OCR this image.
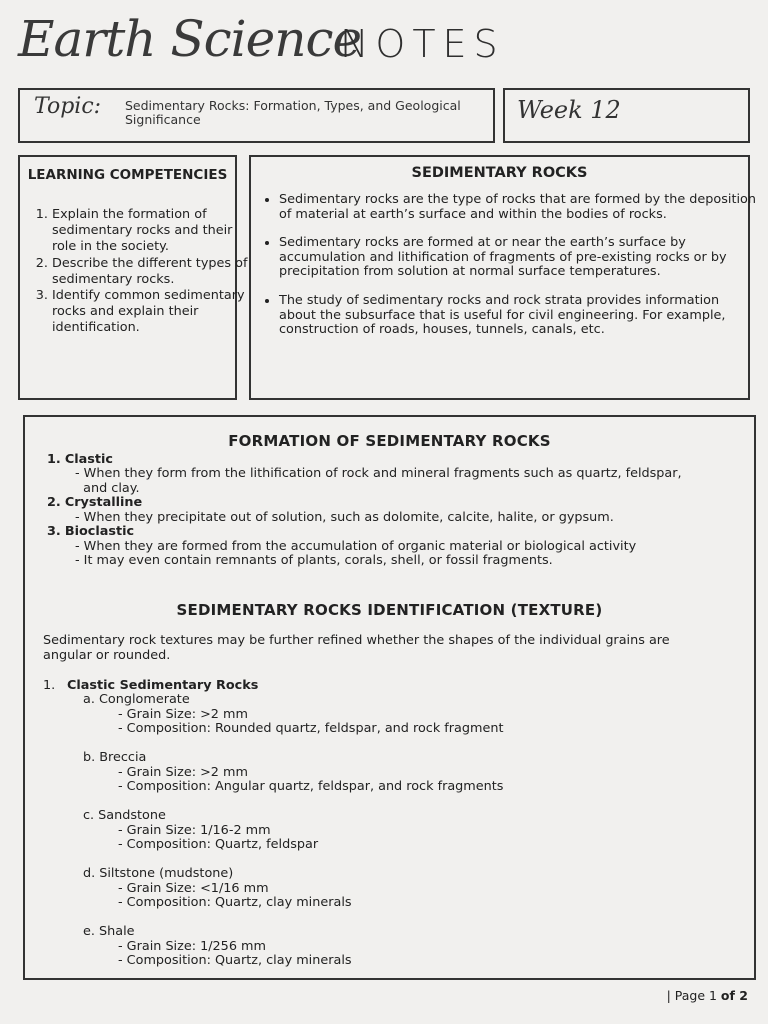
Earth Science
NOTES
Topic: Sedimentary Rocks: Formation, Types, and Geological Significance	Week 12
LEARNING COMPETENCIES
1. Explain the formation of sedimentary rocks and their role in the society.
2. Describe the different types of sedimentary rocks.
3. Identify common sedimentary rocks and explain their identification.
SEDIMENTARY ROCKS
• Sedimentary rocks are the type of rocks that are formed by the deposition of material at earth’s surface and within the bodies of rocks.
• Sedimentary rocks are formed at or near the earth’s surface by accumulation and lithification of fragments of pre-existing rocks or by precipitation from solution at normal surface temperatures.
• The study of sedimentary rocks and rock strata provides information about the subsurface that is useful for civil engineering. For example, construction of roads, houses, tunnels, canals, etc.
FORMATION OF SEDIMENTARY ROCKS
1. Clastic
- When they form from the lithification of rock and mineral fragments such as quartz, feldspar,
and clay.
2. Crystalline
- When they precipitate out of solution, such as dolomite, calcite, halite, or gypsum.
3. Bioclastic
- When they are formed from the accumulation of organic material or biological activity
- It may even contain remnants of plants, corals, shell, or fossil fragments.
SEDIMENTARY ROCKS IDENTIFICATION (TEXTURE)
Sedimentary rock textures may be further refined whether the shapes of the individual grains are
angular or rounded.
1. Clastic Sedimentary Rocks
a. Conglomerate
- Grain Size: >2 mm
- Composition: Rounded quartz, feldspar, and rock fragment
b. Breccia
- Grain Size: >2 mm
- Composition: Angular quartz, feldspar, and rock fragments
c. Sandstone
- Grain Size: 1/16-2 mm
- Composition: Quartz, feldspar
d. Siltstone (mudstone)
- Grain Size: <1/16 mm
- Composition: Quartz, clay minerals
e. Shale
- Grain Size: 1/256 mm
- Composition: Quartz, clay minerals
| Page 1 of 2
